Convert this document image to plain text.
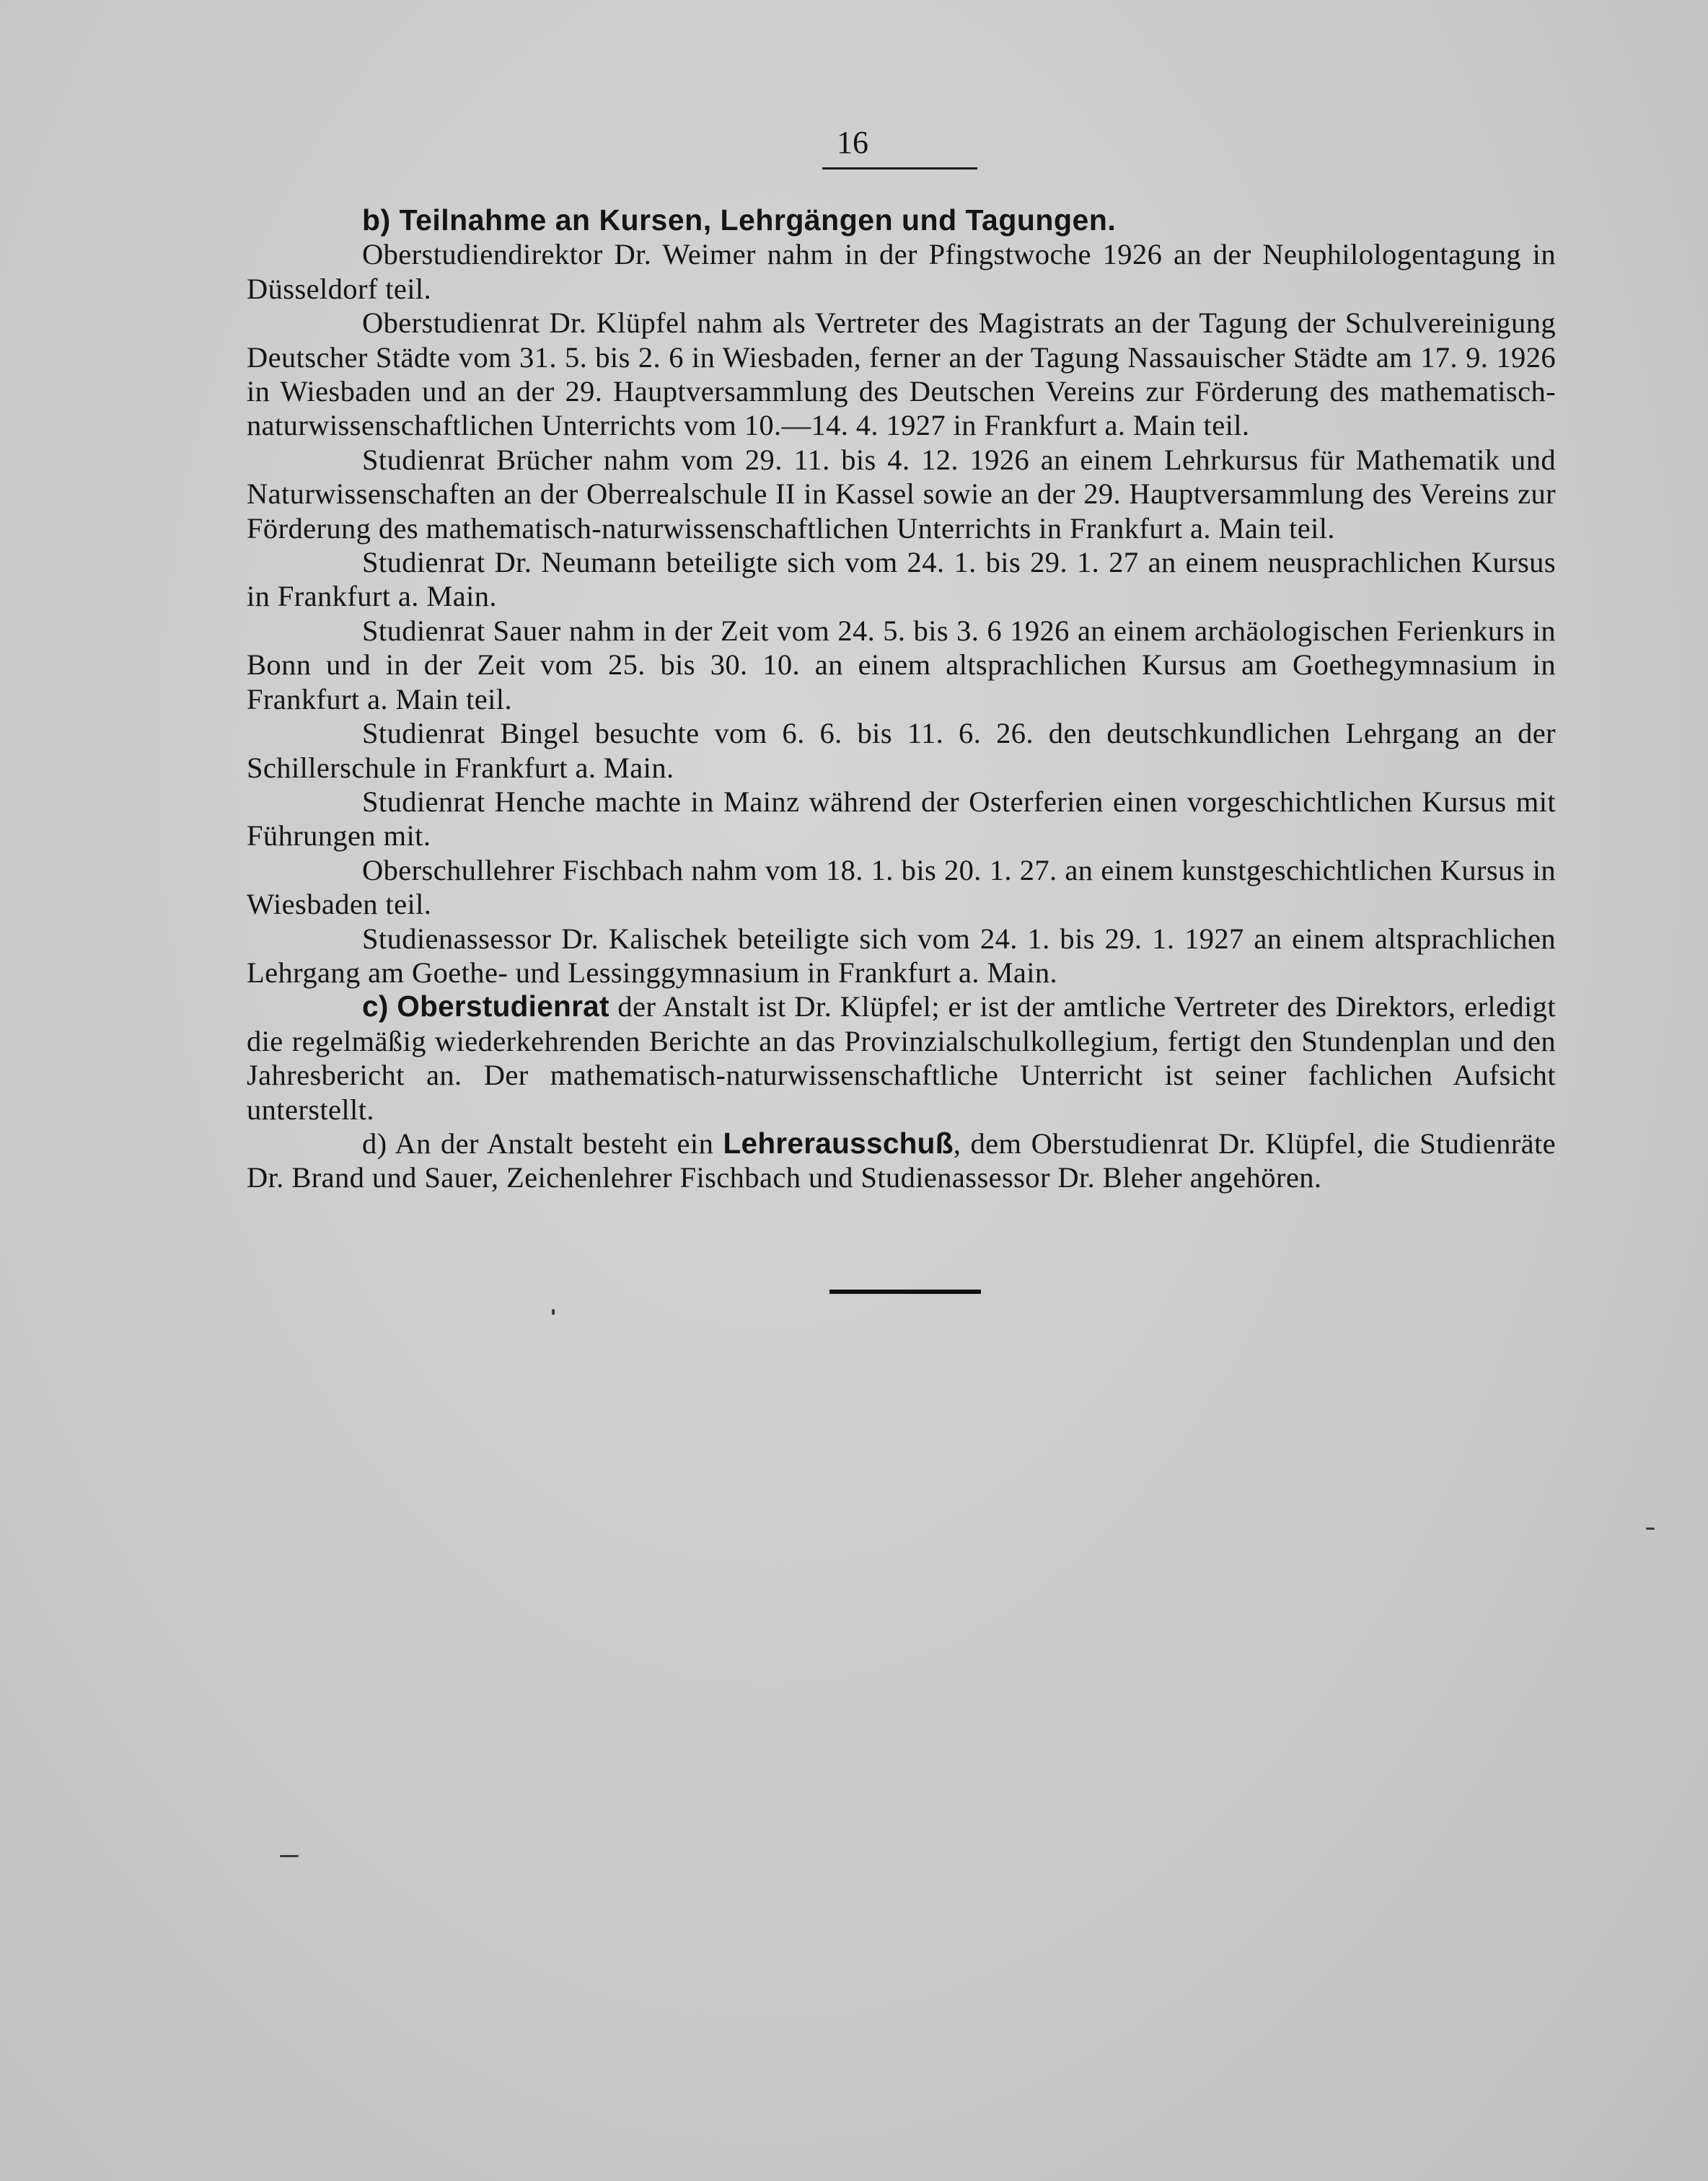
16
b) Teilnahme an Kursen, Lehrgängen und Tagungen.

Oberstudiendirektor Dr. Weimer nahm in der Pfingstwoche 1926 an der Neuphilologentagung in Düsseldorf teil.

Oberstudienrat Dr. Klüpfel nahm als Vertreter des Magistrats an der Tagung der Schulvereinigung Deutscher Städte vom 31. 5. bis 2. 6 in Wiesbaden, ferner an der Tagung Nassauischer Städte am 17. 9. 1926 in Wiesbaden und an der 29. Hauptversammlung des Deutschen Vereins zur Förderung des mathematisch-naturwissenschaftlichen Unterrichts vom 10.—14. 4. 1927 in Frankfurt a. Main teil.

Studienrat Brücher nahm vom 29. 11. bis 4. 12. 1926 an einem Lehrkursus für Mathematik und Naturwissenschaften an der Oberrealschule II in Kassel sowie an der 29. Hauptversammlung des Vereins zur Förderung des mathematisch-naturwissenschaftlichen Unterrichts in Frankfurt a. Main teil.

Studienrat Dr. Neumann beteiligte sich vom 24. 1. bis 29. 1. 27 an einem neusprachlichen Kursus in Frankfurt a. Main.

Studienrat Sauer nahm in der Zeit vom 24. 5. bis 3. 6 1926 an einem archäologischen Ferienkurs in Bonn und in der Zeit vom 25. bis 30. 10. an einem altsprachlichen Kursus am Goethegymnasium in Frankfurt a. Main teil.

Studienrat Bingel besuchte vom 6. 6. bis 11. 6. 26. den deutschkundlichen Lehrgang an der Schillerschule in Frankfurt a. Main.

Studienrat Henche machte in Mainz während der Osterferien einen vorgeschichtlichen Kursus mit Führungen mit.

Oberschullehrer Fischbach nahm vom 18. 1. bis 20. 1. 27. an einem kunstgeschichtlichen Kursus in Wiesbaden teil.

Studienassessor Dr. Kalischek beteiligte sich vom 24. 1. bis 29. 1. 1927 an einem altsprachlichen Lehrgang am Goethe- und Lessinggymnasium in Frankfurt a. Main.

c) Oberstudienrat der Anstalt ist Dr. Klüpfel; er ist der amtliche Vertreter des Direktors, erledigt die regelmäßig wiederkehrenden Berichte an das Provinzialschulkollegium, fertigt den Stundenplan und den Jahresbericht an. Der mathematisch-naturwissenschaftliche Unterricht ist seiner fachlichen Aufsicht unterstellt.

d) An der Anstalt besteht ein Lehrerausschuß, dem Oberstudienrat Dr. Klüpfel, die Studienräte Dr. Brand und Sauer, Zeichenlehrer Fischbach und Studienassessor Dr. Bleher angehören.
